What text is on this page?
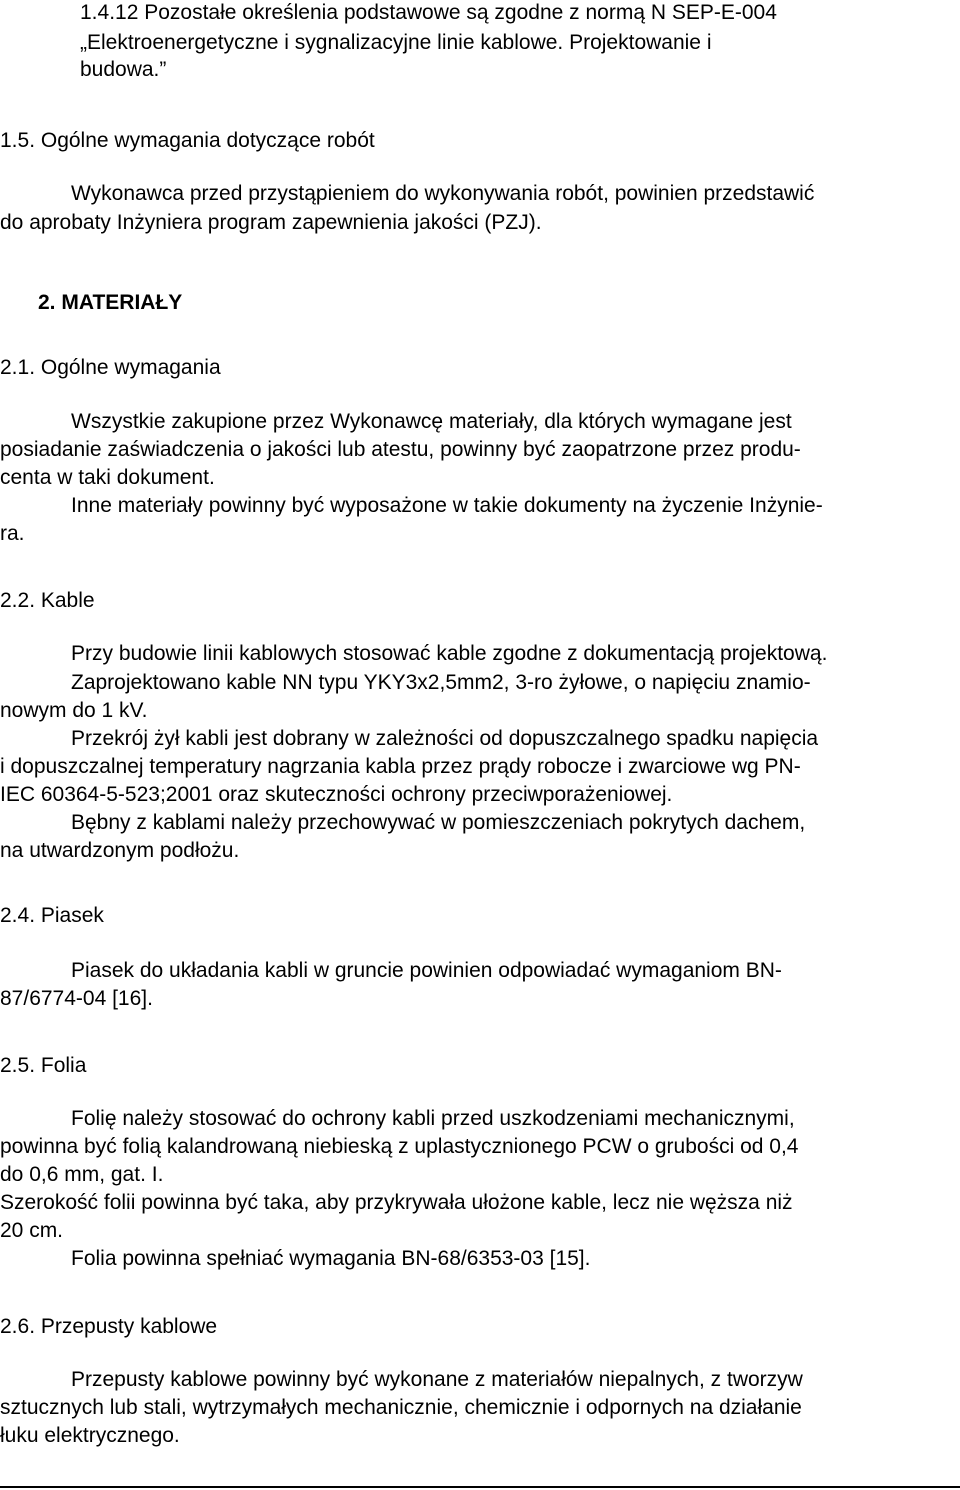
1.4.12 Pozostałe określenia podstawowe są zgodne z normą N SEP-E-004

„Elektroenergetyczne i sygnalizacyjne linie kablowe. Projektowanie i

budowa.”

1.5. Ogólne wymagania dotyczące robót

Wykonawca przed przystąpieniem do wykonywania robót, powinien przedstawić

do aprobaty Inżyniera program zapewnienia jakości (PZJ).

2. MATERIAŁY

2.1. Ogólne wymagania

Wszystkie zakupione przez Wykonawcę materiały, dla których wymagane jest

posiadanie zaświadczenia o jakości lub atestu, powinny być zaopatrzone przez produ-

centa w taki dokument.

Inne materiały powinny być wyposażone w takie dokumenty na życzenie Inżynie-

ra.

2.2. Kable

Przy budowie linii kablowych stosować kable zgodne z dokumentacją projektową.

Zaprojektowano kable NN typu YKY3x2,5mm2, 3-ro żyłowe, o napięciu znamio-

nowym do 1 kV.

Przekrój żył kabli jest dobrany w zależności od dopuszczalnego spadku napięcia

i dopuszczalnej temperatury nagrzania kabla przez prądy robocze i zwarciowe wg PN-

IEC 60364-5-523;2001 oraz skuteczności ochrony przeciwporażeniowej.

Bębny z kablami należy przechowywać w pomieszczeniach pokrytych dachem,

na utwardzonym podłożu.

2.4. Piasek

Piasek do układania kabli w gruncie powinien odpowiadać wymaganiom BN-

87/6774-04 [16].

2.5. Folia

Folię należy stosować do ochrony kabli przed uszkodzeniami mechanicznymi,

powinna być folią kalandrowaną niebieską z uplastycznionego PCW o grubości od 0,4

do 0,6 mm, gat. I.

Szerokość folii powinna być taka, aby przykrywała ułożone kable, lecz nie węższa niż

20 cm.

Folia powinna spełniać wymagania BN-68/6353-03 [15].

2.6. Przepusty kablowe

Przepusty kablowe powinny być wykonane z materiałów niepalnych, z tworzyw

sztucznych lub stali, wytrzymałych mechanicznie, chemicznie i odpornych na działanie

łuku elektrycznego.
